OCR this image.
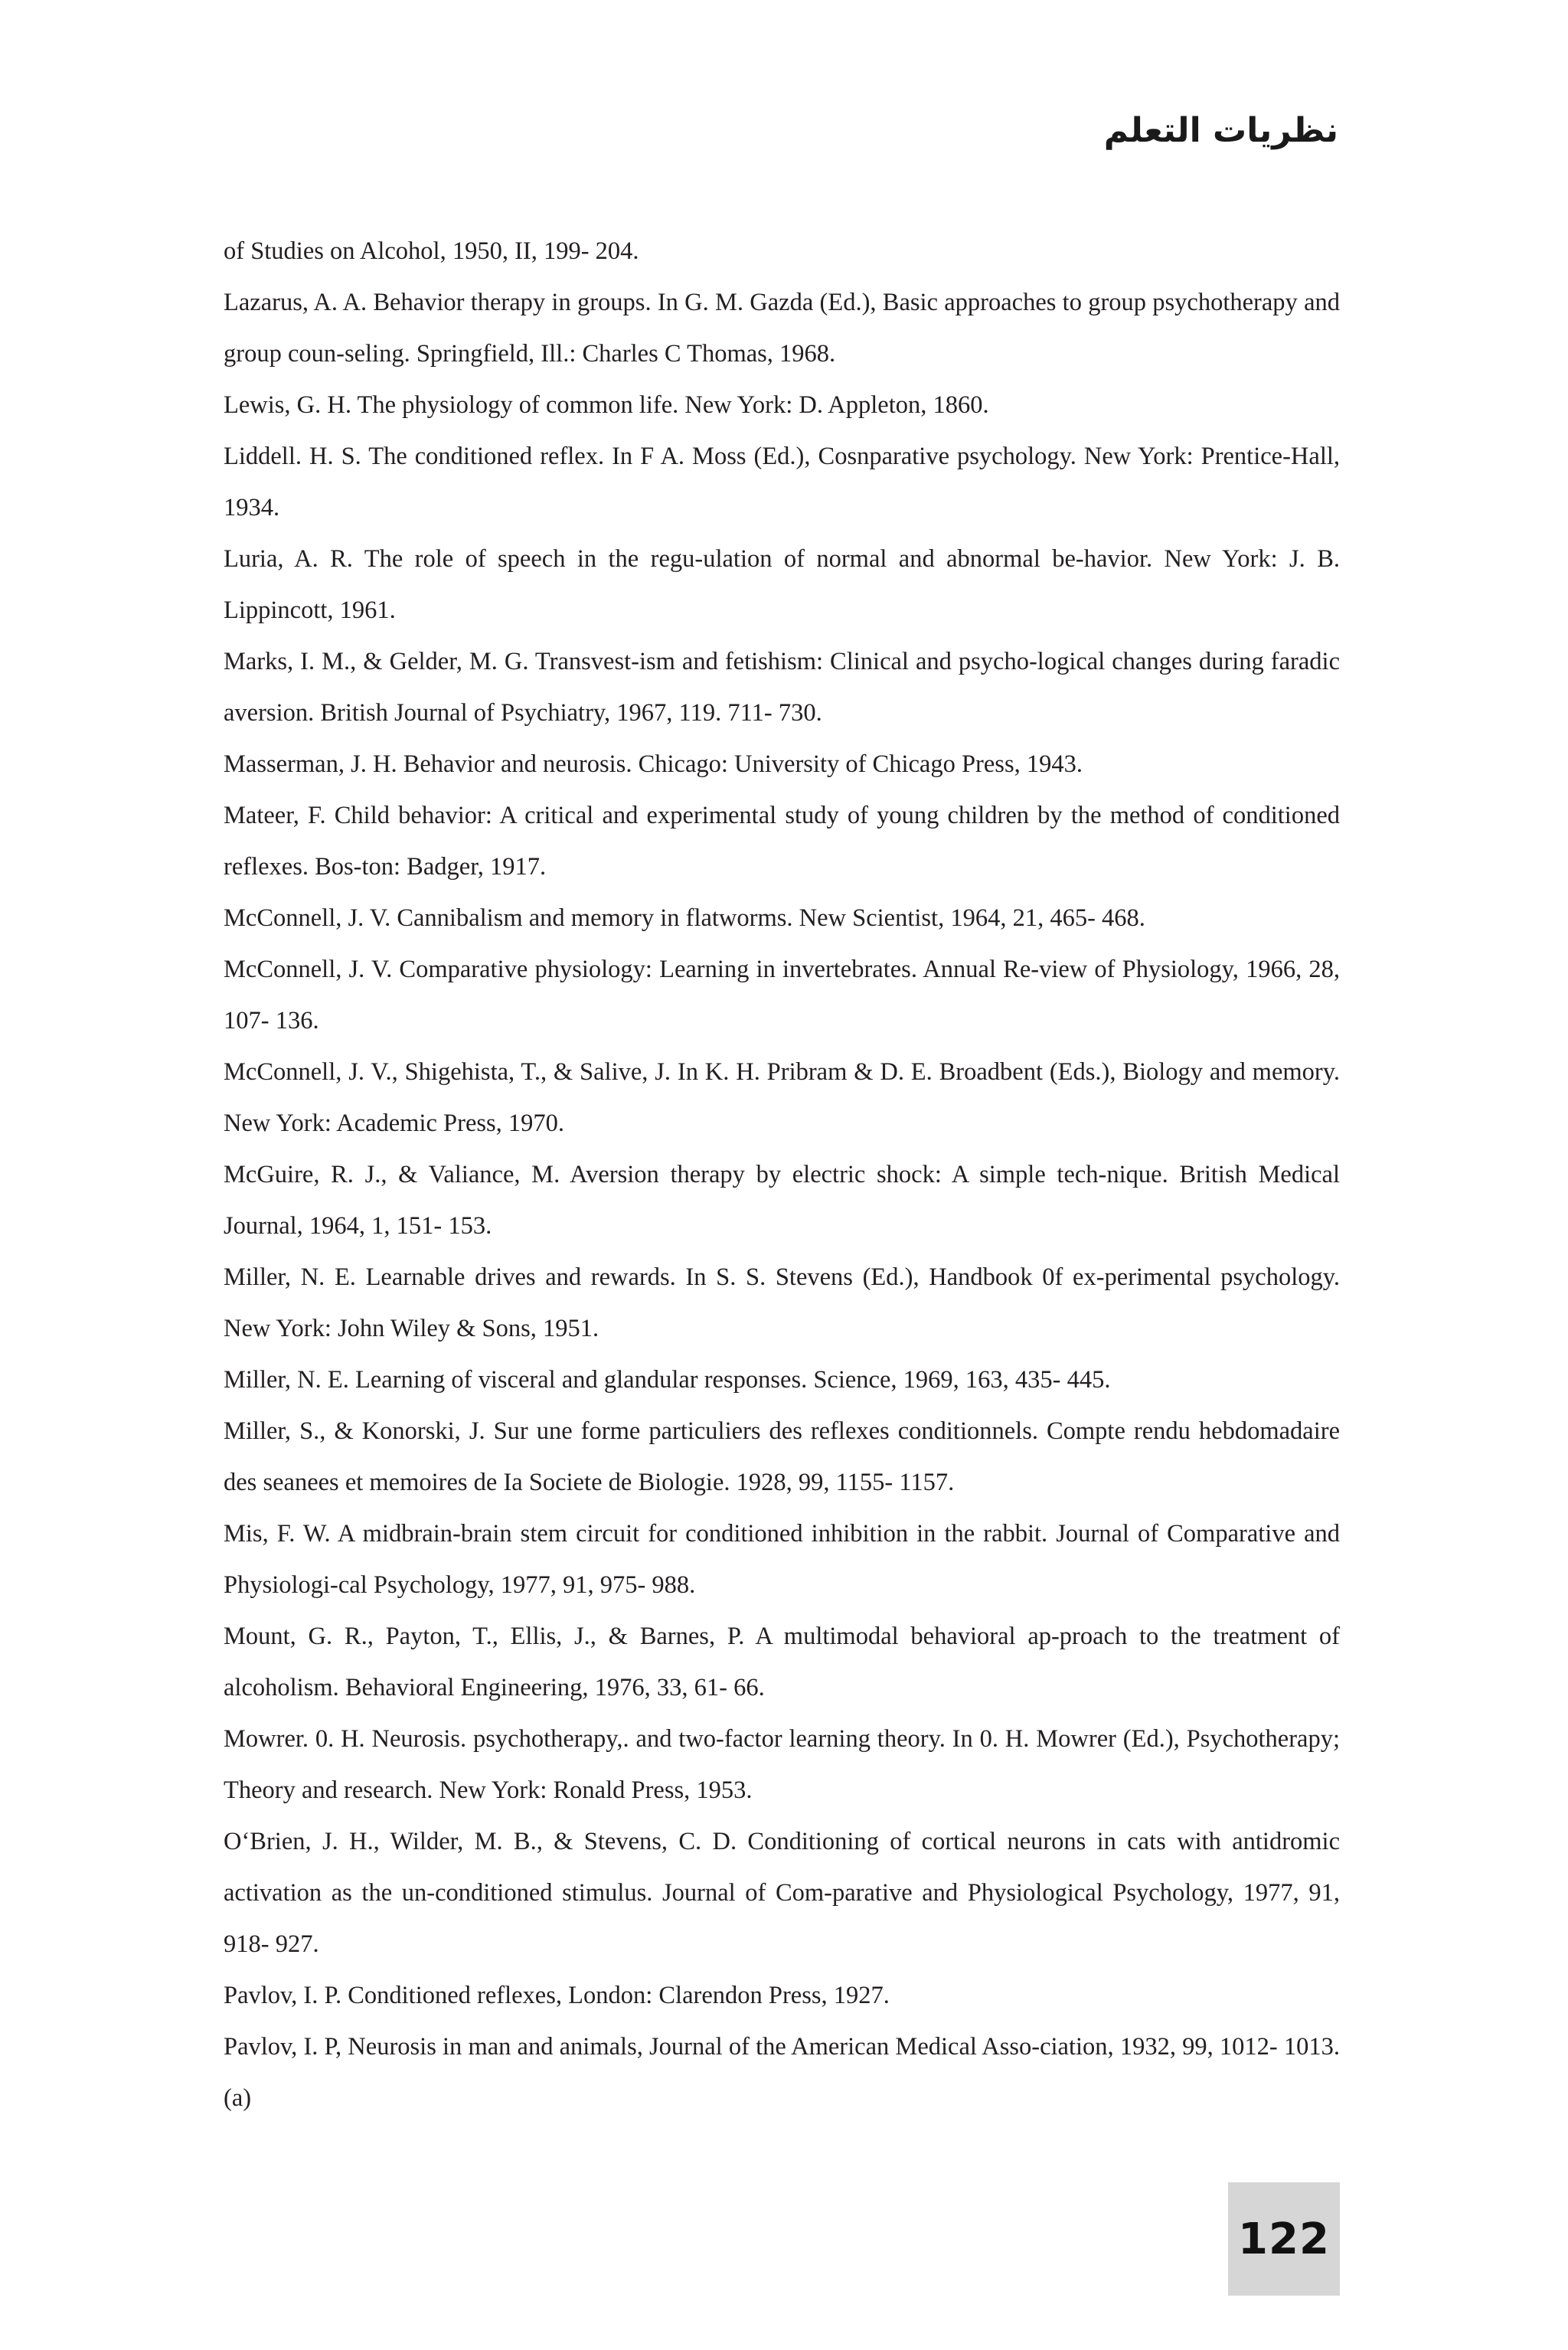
نظريات التعلم

of Studies on Alcohol, 1950, II, 199- 204.

Lazarus, A. A. Behavior therapy in groups. In G. M. Gazda (Ed.), Basic approaches to group psychotherapy and group coun-seling. Springfield, Ill.: Charles C Thomas, 1968.

Lewis, G. H. The physiology of common life. New York: D. Appleton, 1860.

Liddell. H. S. The conditioned reflex. In F A. Moss (Ed.), Cosnparative psychology. New York: Prentice-Hall, 1934.

Luria, A. R. The role of speech in the regu-ulation of normal and abnormal be-havior. New York: J. B. Lippincott, 1961.

Marks, I. M., & Gelder, M. G. Transvest-ism and fetishism: Clinical and psycho-logical changes during faradic aversion. British Journal of Psychiatry, 1967, 119. 711- 730.

Masserman, J. H. Behavior and neurosis. Chicago: University of Chicago Press, 1943.

Mateer, F. Child behavior: A critical and experimental study of young children by the method of conditioned reflexes. Bos-ton: Badger, 1917.

McConnell, J. V. Cannibalism and memory in flatworms. New Scientist, 1964, 21, 465- 468.

McConnell, J. V. Comparative physiology: Learning in invertebrates. Annual Re-view of Physiology, 1966, 28, 107- 136.

McConnell, J. V., Shigehista, T., & Salive, J. In K. H. Pribram & D. E. Broadbent (Eds.), Biology and memory. New York: Academic Press, 1970.

McGuire, R. J., & Valiance, M. Aversion therapy by electric shock: A simple tech-nique. British Medical Journal, 1964, 1, 151- 153.

Miller, N. E. Learnable drives and rewards. In S. S. Stevens (Ed.), Handbook 0f ex-perimental psychology. New York: John Wiley & Sons, 1951.

Miller, N. E. Learning of visceral and glandular responses. Science, 1969, 163, 435- 445.

Miller, S., & Konorski, J. Sur une forme particuliers des reflexes conditionnels. Compte rendu hebdomadaire des seanees et memoires de Ia Societe de Biologie. 1928, 99, 1155- 1157.

Mis, F. W. A midbrain-brain stem circuit for conditioned inhibition in the rabbit. Journal of Comparative and Physiologi-cal Psychology, 1977, 91, 975- 988.

Mount, G. R., Payton, T., Ellis, J., & Barnes, P. A multimodal behavioral ap-proach to the treatment of alcoholism. Behavioral Engineering, 1976, 33, 61- 66.

Mowrer. 0. H. Neurosis. psychotherapy,. and two-factor learning theory. In 0. H. Mowrer (Ed.), Psychotherapy; Theory and research. New York: Ronald Press, 1953.

O‘Brien, J. H., Wilder, M. B., & Stevens, C. D. Conditioning of cortical neurons in cats with antidromic activation as the un-conditioned stimulus. Journal of Com-parative and Physiological Psychology, 1977, 91, 918- 927.

Pavlov, I. P. Conditioned reflexes, London: Clarendon Press, 1927.

Pavlov, I. P, Neurosis in man and animals, Journal of the American Medical Asso-ciation, 1932, 99, 1012- 1013. (a)

122
